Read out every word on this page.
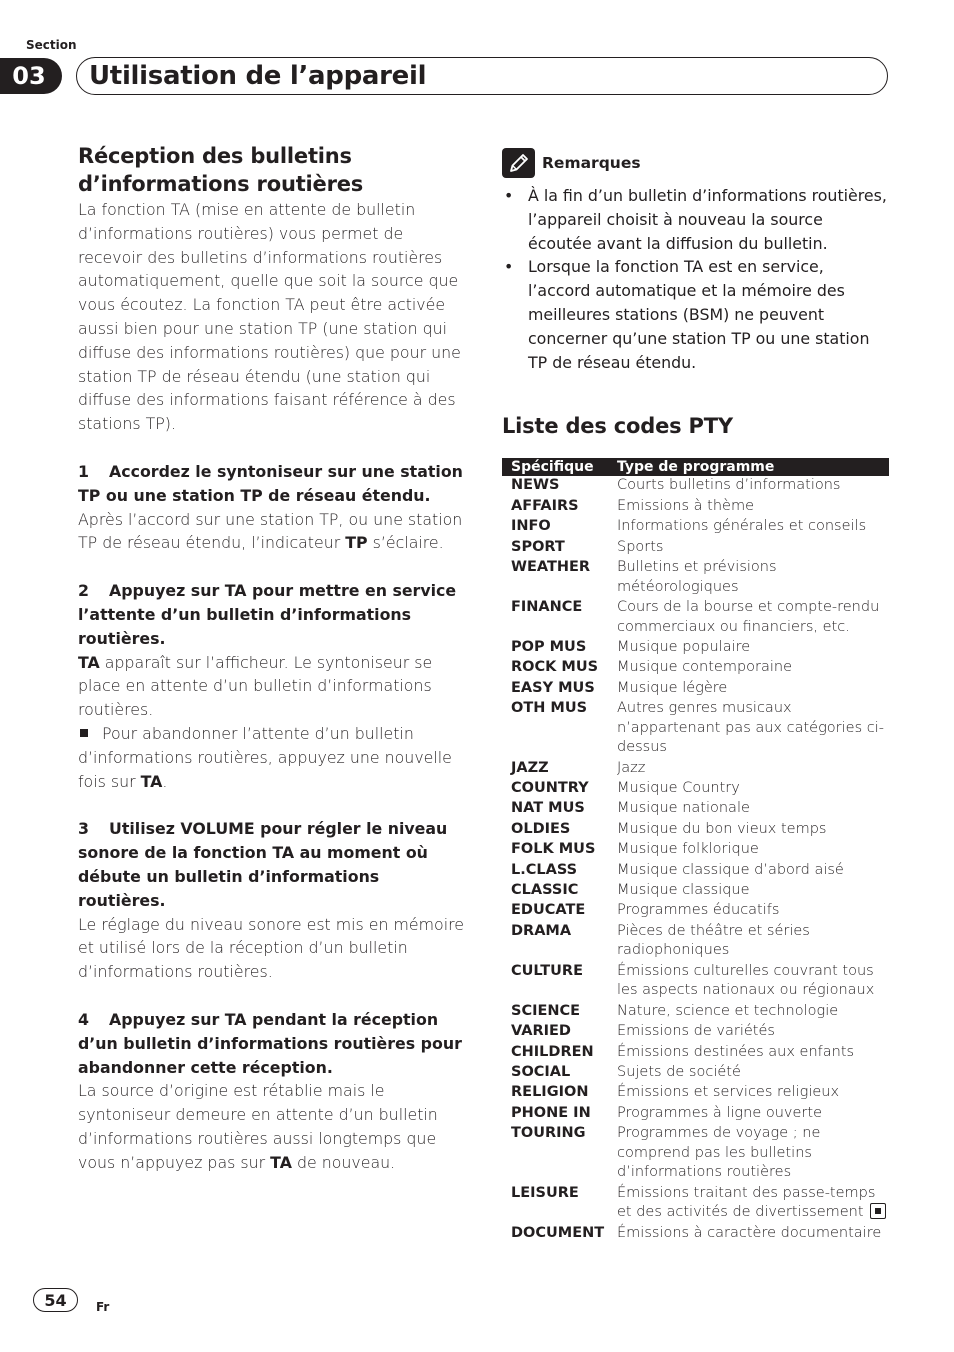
Section
03	Utilisation de l’appareil
Réception des bulletins d’informations routières

La fonction TA (mise en attente de bulletin d’informations routières) vous permet de recevoir des bulletins d’informations routières automatiquement, quelle que soit la source que vous écoutez. La fonction TA peut être activée aussi bien pour une station TP (une station qui diffuse des informations routières) que pour une station TP de réseau étendu (une station qui diffuse des informations faisant référence à des stations TP).

1 Accordez le syntoniseur sur une station TP ou une station TP de réseau étendu.

Après l’accord sur une station TP, ou une station TP de réseau étendu, l’indicateur TP s’éclaire.

2 Appuyez sur TA pour mettre en service l’attente d’un bulletin d’informations routières.

TA apparaît sur l’afficheur. Le syntoniseur se place en attente d’un bulletin d’informations routières.

Pour abandonner l’attente d’un bulletin d’informations routières, appuyez une nouvelle fois sur TA.

3 Utilisez VOLUME pour régler le niveau sonore de la fonction TA au moment où débute un bulletin d’informations routières.

Le réglage du niveau sonore est mis en mémoire et utilisé lors de la réception d’un bulletin d’informations routières.

4 Appuyez sur TA pendant la réception d’un bulletin d’informations routières pour abandonner cette réception.

La source d’origine est rétablie mais le syntoniseur demeure en attente d’un bulletin d’informations routières aussi longtemps que vous n’appuyez pas sur TA de nouveau.

Remarques
• À la fin d’un bulletin d’informations routières, l’appareil choisit à nouveau la source écoutée avant la diffusion du bulletin.
• Lorsque la fonction TA est en service, l’accord automatique et la mémoire des meilleures stations (BSM) ne peuvent concerner qu’une station TP ou une station TP de réseau étendu.
Liste des codes PTY
Spécifique	Type de programme
NEWS	Courts bulletins d’informations
AFFAIRS	Emissions à thème
INFO	Informations générales et conseils
SPORT	Sports
WEATHER	Bulletins et prévisions météorologiques
FINANCE	Cours de la bourse et compte-rendu commerciaux ou financiers, etc.
POP MUS	Musique populaire
ROCK MUS	Musique contemporaine
EASY MUS	Musique légère
OTH MUS	Autres genres musicaux n’appartenant pas aux catégories ci-dessus
JAZZ	Jazz
COUNTRY	Musique Country
NAT MUS	Musique nationale
OLDIES	Musique du bon vieux temps
FOLK MUS	Musique folklorique
L.CLASS	Musique classique d’abord aisé
CLASSIC	Musique classique
EDUCATE	Programmes éducatifs
DRAMA	Pièces de théâtre et séries radiophoniques
CULTURE	Émissions culturelles couvrant tous les aspects nationaux ou régionaux
SCIENCE	Nature, science et technologie
VARIED	Emissions de variétés
CHILDREN	Émissions destinées aux enfants
SOCIAL	Sujets de société
RELIGION	Émissions et services religieux
PHONE IN	Programmes à ligne ouverte
TOURING	Programmes de voyage ; ne comprend pas les bulletins d’informations routières
LEISURE	Émissions traitant des passe-temps et des activités de divertissement
DOCUMENT	Émissions à caractère documentaire
54	Fr
